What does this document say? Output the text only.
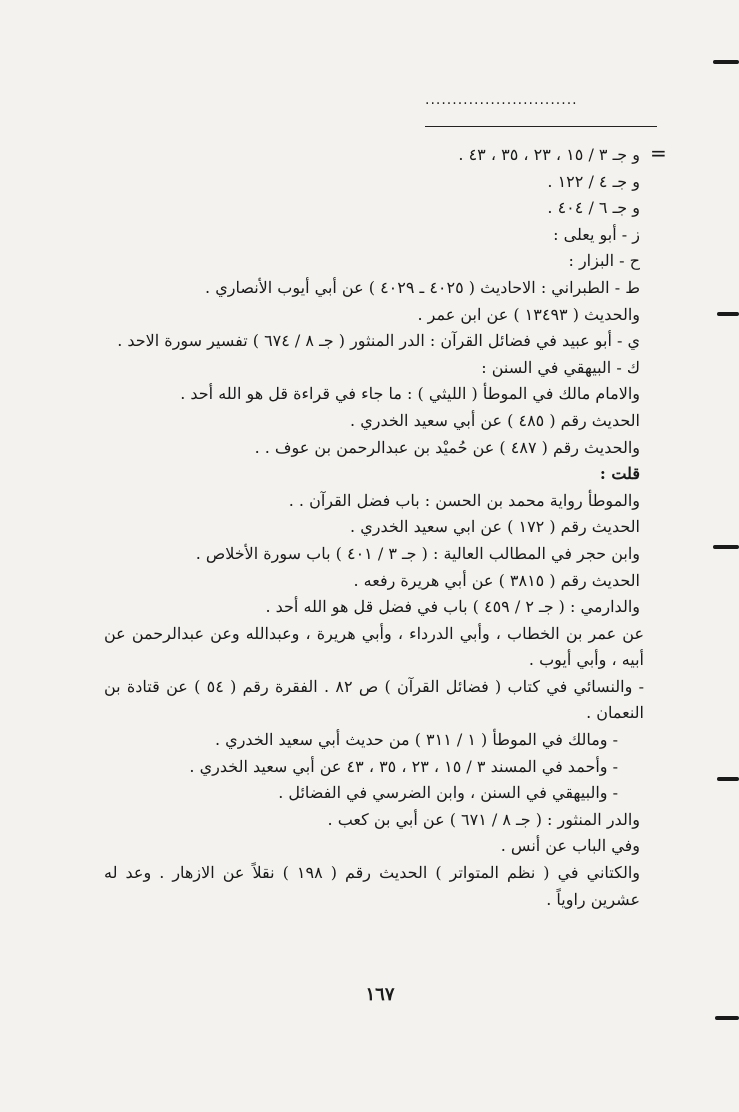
............................
=
و جـ ٣ / ١٥ ، ٢٣ ، ٣٥ ، ٤٣ .
و جـ ٤ / ١٢٢ .
و جـ ٦ / ٤٠٤ .
ز - أبو يعلى :
ح - البزار :
ط - الطبراني : الاحاديث ( ٤٠٢٥ ـ ٤٠٢٩ ) عن أبي أيوب الأنصاري .
والحديث ( ١٣٤٩٣ ) عن ابن عمر .
ي - أبو عبيد في فضائل القرآن : الدر المنثور ( جـ ٨ / ٦٧٤ ) تفسير سورة الاحد .
ك - البيهقي في السنن :
والامام مالك في الموطأ ( الليثي ) : ما جاء في قراءة قل هو الله أحد .
الحديث رقم ( ٤٨٥ ) عن أبي سعيد الخدري .
والحديث رقم ( ٤٨٧ ) عن حُميْد بن عبدالرحمن بن عوف . .
قلت :
والموطأ رواية محمد بن الحسن : باب فضل القرآن . .
الحديث رقم ( ١٧٢ ) عن ابي سعيد الخدري .
وابن حجر في المطالب العالية : ( جـ ٣ / ٤٠١ ) باب سورة الأخلاص .
الحديث رقم ( ٣٨١٥ ) عن أبي هريرة رفعه .
والدارمي : ( جـ ٢ / ٤٥٩ ) باب في فضل قل هو الله أحد .
عن عمر بن الخطاب ، وأبي الدرداء ، وأبي هريرة ، وعبدالله وعن عبدالرحمن عن أبيه ، وأبي أيوب .
- والنسائي في كتاب ( فضائل القرآن ) ص ٨٢ . الفقرة رقم ( ٥٤ ) عن قتادة بن النعمان .
- ومالك في الموطأ ( ١ / ٣١١ ) من حديث أبي سعيد الخدري .
- وأحمد في المسند ٣ / ١٥ ، ٢٣ ، ٣٥ ، ٤٣ عن أبي سعيد الخدري .
- والبيهقي في السنن ، وابن الضرسي في الفضائل .
والدر المنثور : ( جـ ٨ / ٦٧١ ) عن أبي بن كعب .
وفي الباب عن أنس .
والكتاني في ( نظم المتواتر ) الحديث رقم ( ١٩٨ ) نقلاً عن الازهار . وعد له عشرين راوياً .
١٦٧
